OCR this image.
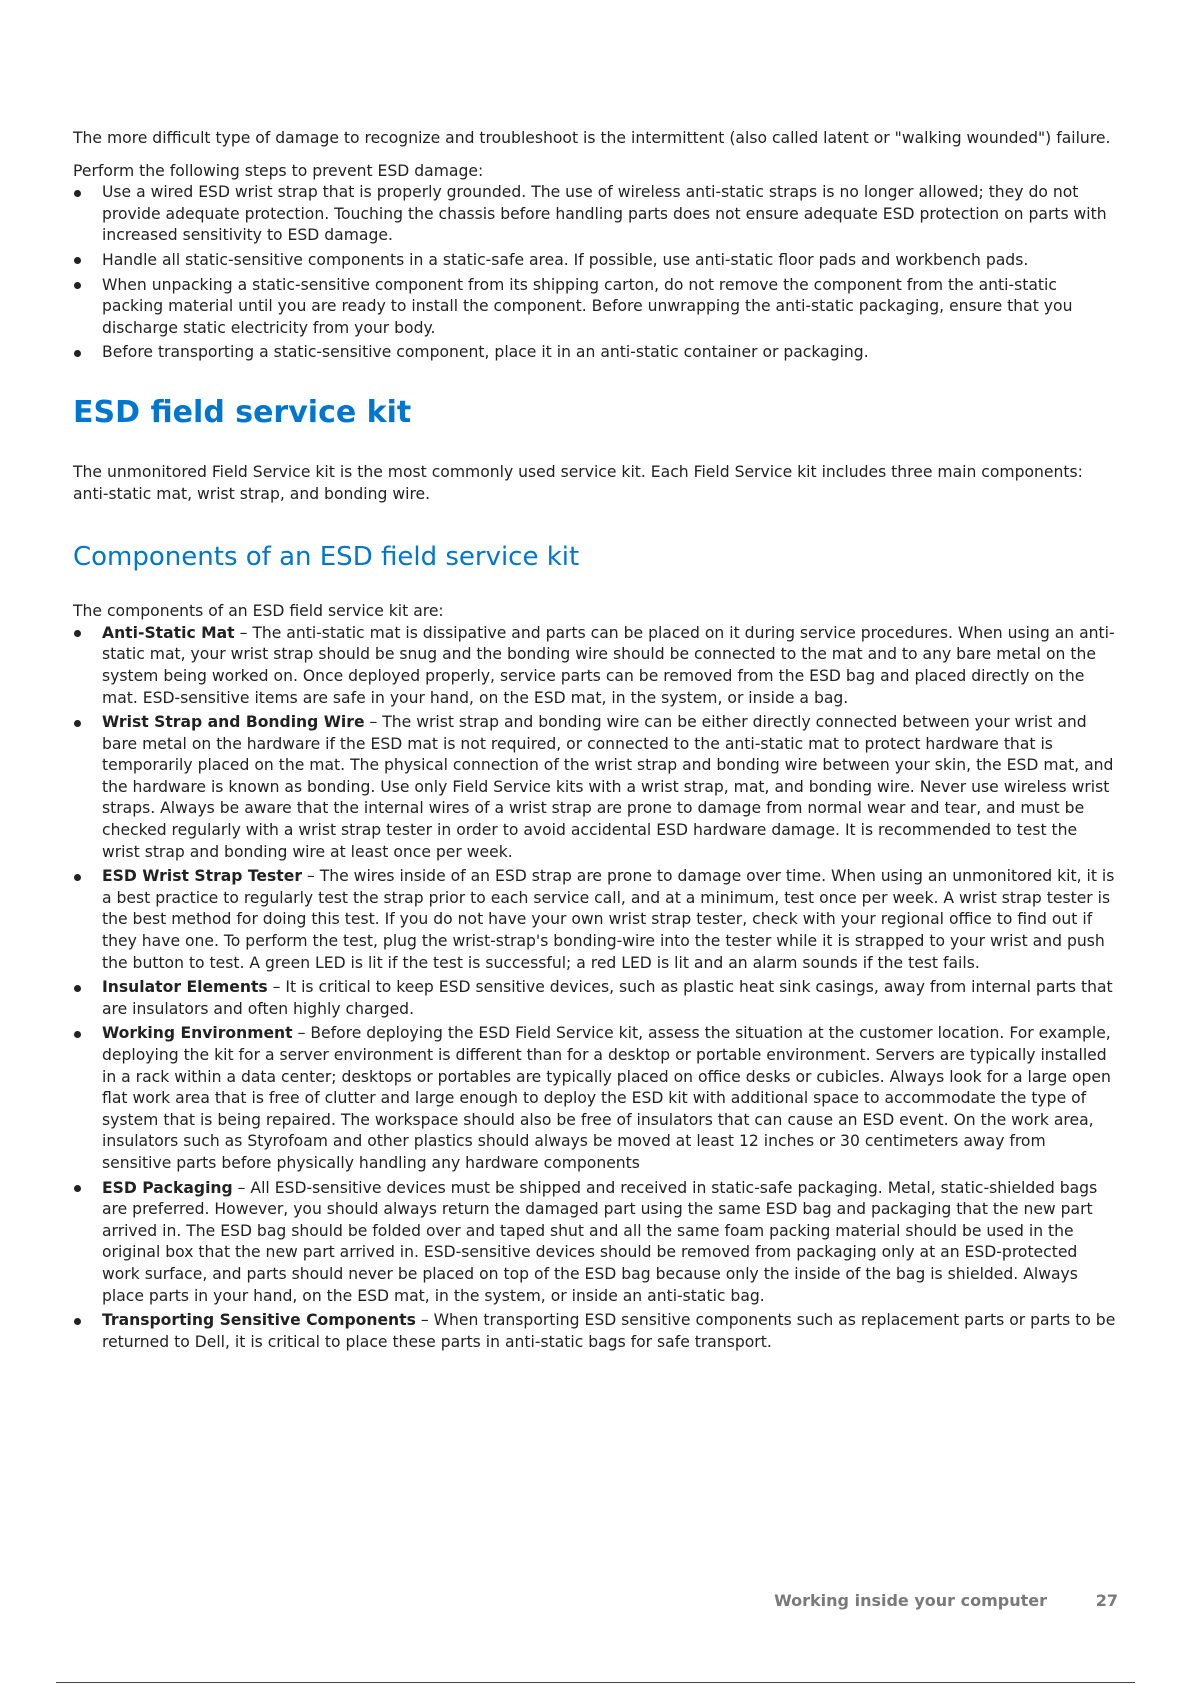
The more difficult type of damage to recognize and troubleshoot is the intermittent (also called latent or "walking wounded") failure.

Perform the following steps to prevent ESD damage:

Use a wired ESD wrist strap that is properly grounded. The use of wireless anti-static straps is no longer allowed; they do not provide adequate protection. Touching the chassis before handling parts does not ensure adequate ESD protection on parts with increased sensitivity to ESD damage.
Handle all static-sensitive components in a static-safe area. If possible, use anti-static floor pads and workbench pads.
When unpacking a static-sensitive component from its shipping carton, do not remove the component from the anti-static packing material until you are ready to install the component. Before unwrapping the anti-static packaging, ensure that you discharge static electricity from your body.
Before transporting a static-sensitive component, place it in an anti-static container or packaging.
ESD field service kit

The unmonitored Field Service kit is the most commonly used service kit. Each Field Service kit includes three main components: anti-static mat, wrist strap, and bonding wire.

Components of an ESD field service kit

The components of an ESD field service kit are:

Anti-Static Mat – The anti-static mat is dissipative and parts can be placed on it during service procedures. When using an anti-static mat, your wrist strap should be snug and the bonding wire should be connected to the mat and to any bare metal on the system being worked on. Once deployed properly, service parts can be removed from the ESD bag and placed directly on the mat. ESD-sensitive items are safe in your hand, on the ESD mat, in the system, or inside a bag.
Wrist Strap and Bonding Wire – The wrist strap and bonding wire can be either directly connected between your wrist and bare metal on the hardware if the ESD mat is not required, or connected to the anti-static mat to protect hardware that is temporarily placed on the mat. The physical connection of the wrist strap and bonding wire between your skin, the ESD mat, and the hardware is known as bonding. Use only Field Service kits with a wrist strap, mat, and bonding wire. Never use wireless wrist straps. Always be aware that the internal wires of a wrist strap are prone to damage from normal wear and tear, and must be checked regularly with a wrist strap tester in order to avoid accidental ESD hardware damage. It is recommended to test the wrist strap and bonding wire at least once per week.
ESD Wrist Strap Tester – The wires inside of an ESD strap are prone to damage over time. When using an unmonitored kit, it is a best practice to regularly test the strap prior to each service call, and at a minimum, test once per week. A wrist strap tester is the best method for doing this test. If you do not have your own wrist strap tester, check with your regional office to find out if they have one. To perform the test, plug the wrist-strap's bonding-wire into the tester while it is strapped to your wrist and push the button to test. A green LED is lit if the test is successful; a red LED is lit and an alarm sounds if the test fails.
Insulator Elements – It is critical to keep ESD sensitive devices, such as plastic heat sink casings, away from internal parts that are insulators and often highly charged.
Working Environment – Before deploying the ESD Field Service kit, assess the situation at the customer location. For example, deploying the kit for a server environment is different than for a desktop or portable environment. Servers are typically installed in a rack within a data center; desktops or portables are typically placed on office desks or cubicles. Always look for a large open flat work area that is free of clutter and large enough to deploy the ESD kit with additional space to accommodate the type of system that is being repaired. The workspace should also be free of insulators that can cause an ESD event. On the work area, insulators such as Styrofoam and other plastics should always be moved at least 12 inches or 30 centimeters away from sensitive parts before physically handling any hardware components
ESD Packaging – All ESD-sensitive devices must be shipped and received in static-safe packaging. Metal, static-shielded bags are preferred. However, you should always return the damaged part using the same ESD bag and packaging that the new part arrived in. The ESD bag should be folded over and taped shut and all the same foam packing material should be used in the original box that the new part arrived in. ESD-sensitive devices should be removed from packaging only at an ESD-protected work surface, and parts should never be placed on top of the ESD bag because only the inside of the bag is shielded. Always place parts in your hand, on the ESD mat, in the system, or inside an anti-static bag.
Transporting Sensitive Components – When transporting ESD sensitive components such as replacement parts or parts to be returned to Dell, it is critical to place these parts in anti-static bags for safe transport.
Working inside your computer	27
